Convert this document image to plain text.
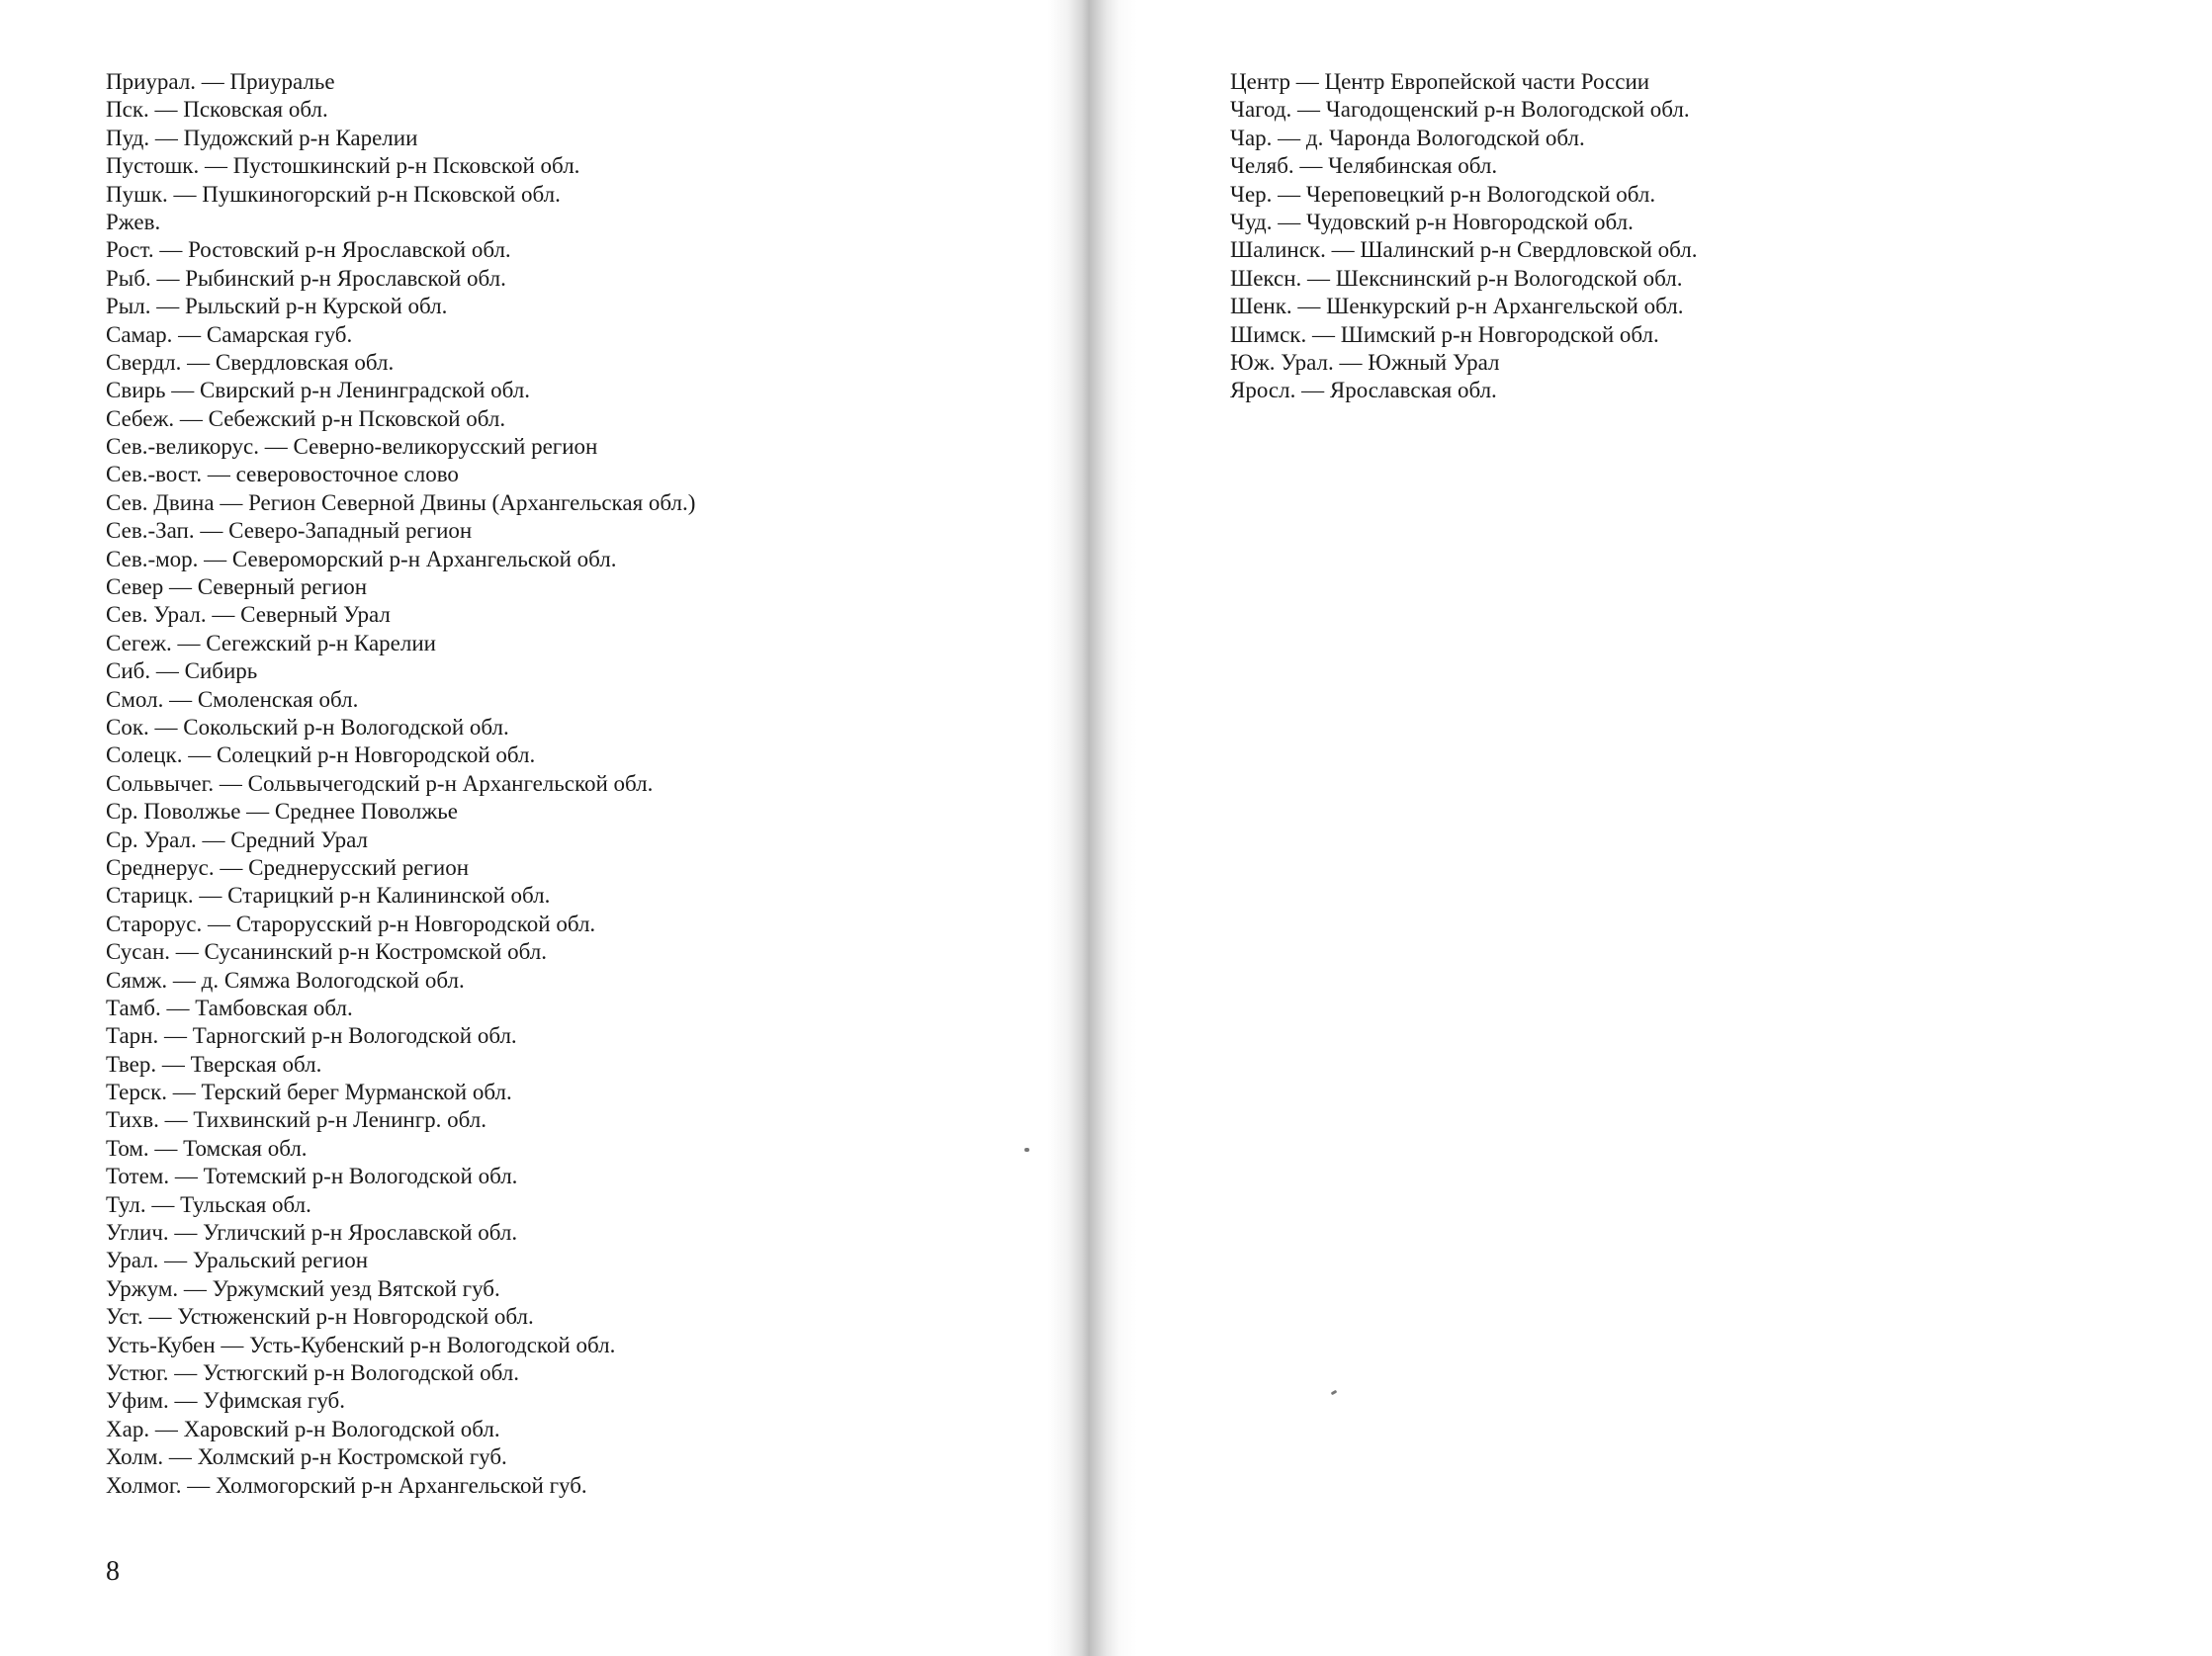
Приурал. — Приуралье
Пск. — Псковская обл.
Пуд. — Пудожский р-н Карелии
Пустошк. — Пустошкинский р-н Псковской обл.
Пушк. — Пушкиногорский р-н Псковской обл.
Ржев.
Рост. — Ростовский р-н Ярославской обл.
Рыб. — Рыбинский р-н Ярославской обл.
Рыл. — Рыльский р-н Курской обл.
Самар. — Самарская губ.
Свердл. — Свердловская обл.
Свирь — Свирский р-н Ленинградской обл.
Себеж. — Себежский р-н Псковской обл.
Сев.-великорус. — Северно-великорусский регион
Сев.-вост. — северовосточное слово
Сев. Двина — Регион Северной Двины (Архангельская обл.)
Сев.-Зап. — Северо-Западный регион
Сев.-мор. — Североморский р-н Архангельской обл.
Север — Северный регион
Сев. Урал. — Северный Урал
Сегеж. — Сегежский р-н Карелии
Сиб. — Сибирь
Смол. — Смоленская обл.
Сок. — Сокольский р-н Вологодской обл.
Солецк. — Солецкий р-н Новгородской обл.
Сольвычег. — Сольвычегодский р-н Архангельской обл.
Ср. Поволжье — Среднее Поволжье
Ср. Урал. — Средний Урал
Среднерус. — Среднерусский регион
Старицк. — Старицкий р-н Калининской обл.
Старорус. — Старорусский р-н Новгородской обл.
Сусан. — Сусанинский р-н Костромской обл.
Сямж. — д. Сямжа Вологодской обл.
Тамб. — Тамбовская обл.
Тарн. — Тарногский р-н Вологодской обл.
Твер. — Тверская обл.
Терск. — Терский берег Мурманской обл.
Тихв. — Тихвинский р-н Ленингр. обл.
Том. — Томская обл.
Тотем. — Тотемский р-н Вологодской обл.
Тул. — Тульская обл.
Углич. — Угличский р-н Ярославской обл.
Урал. — Уральский регион
Уржум. — Уржумский уезд Вятской губ.
Уст. — Устюженский р-н Новгородской обл.
Усть-Кубен — Усть-Кубенский р-н Вологодской обл.
Устюг. — Устюгский р-н Вологодской обл.
Уфим. — Уфимская губ.
Хар. — Харовский р-н Вологодской обл.
Холм. — Холмский р-н Костромской губ.
Холмог. — Холмогорский р-н Архангельской губ.
8
Центр — Центр Европейской части России
Чагод. — Чагодощенский р-н Вологодской обл.
Чар. — д. Чаронда Вологодской обл.
Челяб. — Челябинская обл.
Чер. — Череповецкий р-н Вологодской обл.
Чуд. — Чудовский р-н Новгородской обл.
Шалинск. — Шалинский р-н Свердловской обл.
Шексн. — Шекснинский р-н Вологодской обл.
Шенк. — Шенкурский р-н Архангельской обл.
Шимск. — Шимский р-н Новгородской обл.
Юж. Урал. — Южный Урал
Яросл. — Ярославская обл.
